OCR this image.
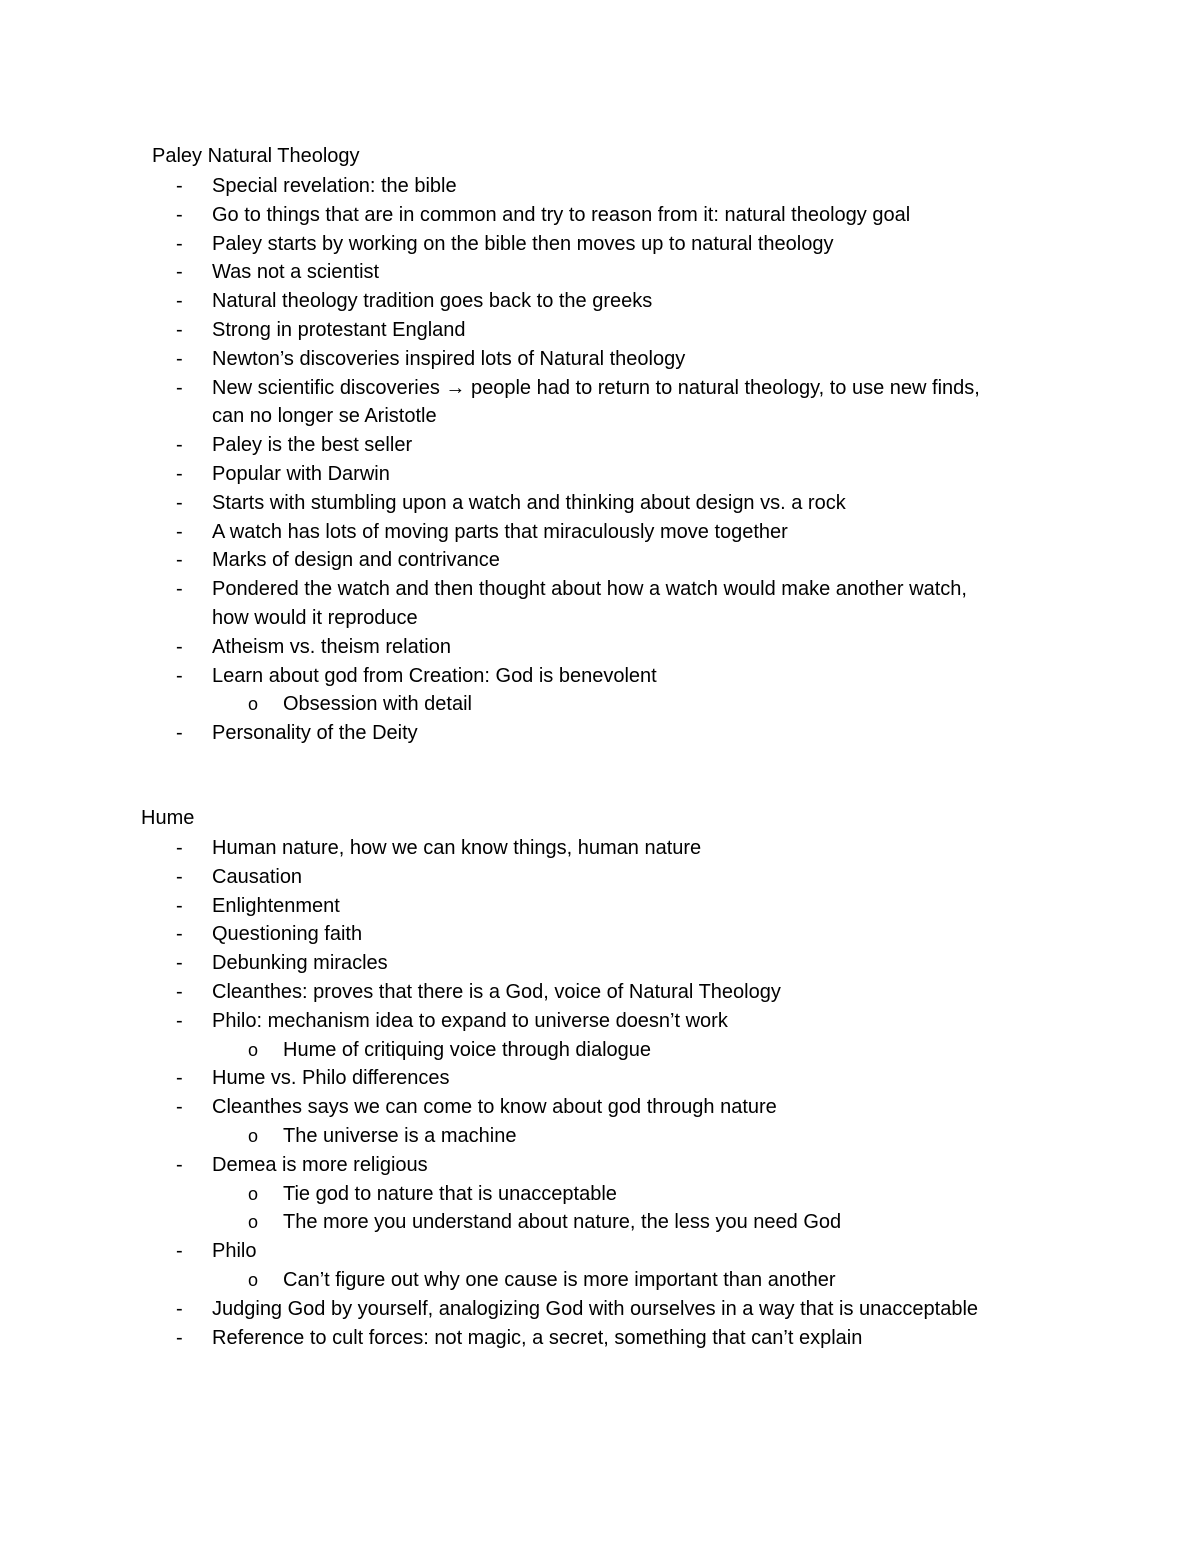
Paley Natural Theology
- Special revelation: the bible
- Go to things that are in common and try to reason from it: natural theology goal
- Paley starts by working on the bible then moves up to natural theology
- Was not a scientist
- Natural theology tradition goes back to the greeks
- Strong in protestant England
- Newton’s discoveries inspired lots of Natural theology
- New scientific discoveries → people had to return to natural theology, to use new finds,
can no longer se Aristotle
- Paley is the best seller
- Popular with Darwin
- Starts with stumbling upon a watch and thinking about design vs. a rock
- A watch has lots of moving parts that miraculously move together
- Marks of design and contrivance
- Pondered the watch and then thought about how a watch would make another watch,
how would it reproduce
- Atheism vs. theism relation
- Learn about god from Creation: God is benevolent
o Obsession with detail
- Personality of the Deity
Hume
- Human nature, how we can know things, human nature
- Causation
- Enlightenment
- Questioning faith
- Debunking miracles
- Cleanthes: proves that there is a God, voice of Natural Theology
- Philo: mechanism idea to expand to universe doesn’t work
o Hume of critiquing voice through dialogue
- Hume vs. Philo differences
- Cleanthes says we can come to know about god through nature
o The universe is a machine
- Demea is more religious
o Tie god to nature that is unacceptable
o The more you understand about nature, the less you need God
- Philo
o Can’t figure out why one cause is more important than another
- Judging God by yourself, analogizing God with ourselves in a way that is unacceptable
- Reference to cult forces: not magic, a secret, something that can’t explain
